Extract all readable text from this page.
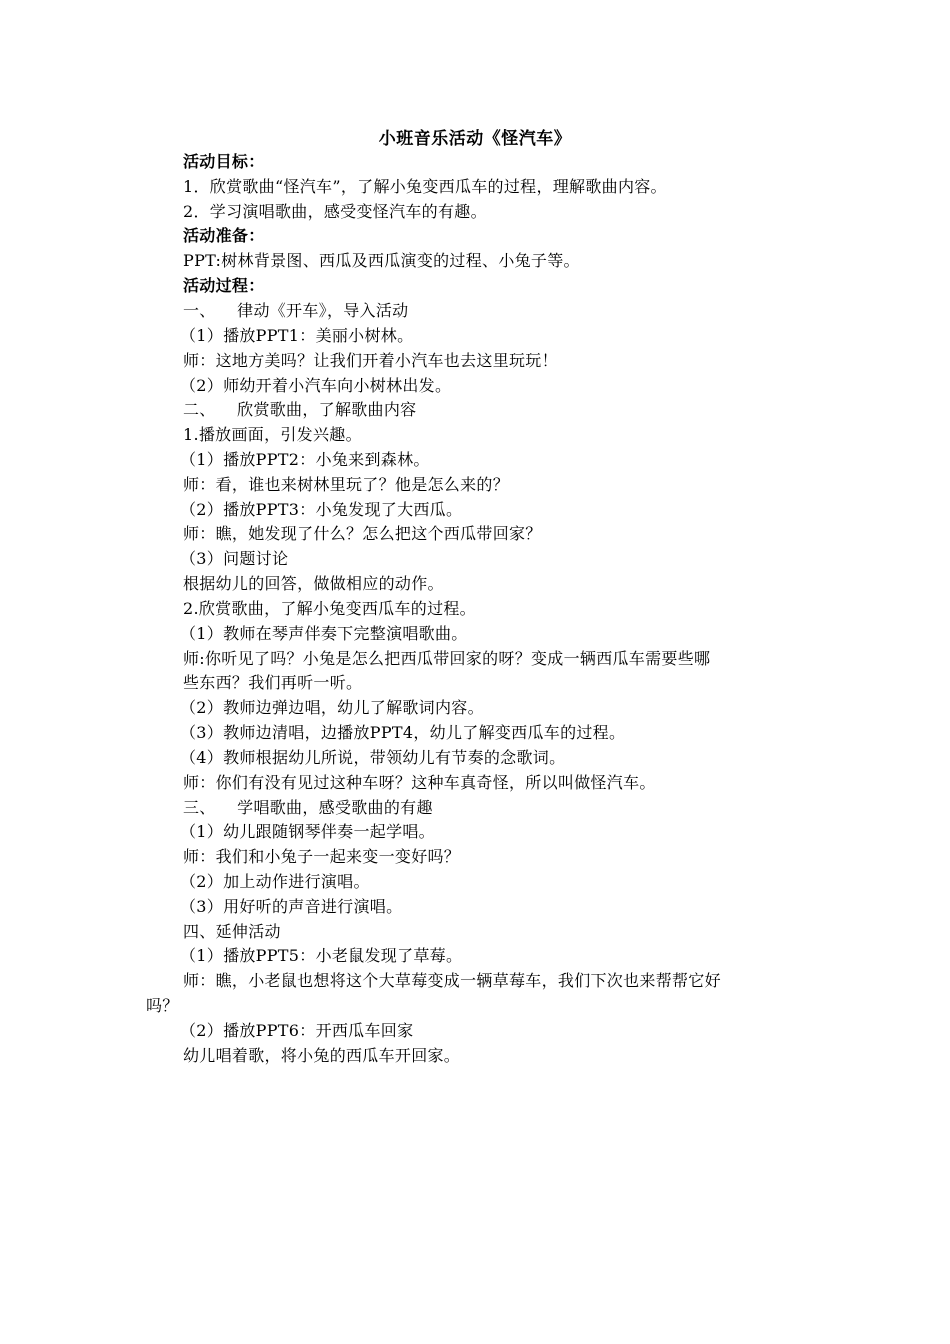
小班音乐活动《怪汽车》
活动目标：
1．欣赏歌曲“怪汽车”，了解小兔变西瓜车的过程，理解歌曲内容。
2．学习演唱歌曲，感受变怪汽车的有趣。
活动准备：
PPT:树林背景图、西瓜及西瓜演变的过程、小兔子等。
活动过程：
一、    律动《开车》，导入活动
（1）播放PPT1：美丽小树林。
师：这地方美吗？让我们开着小汽车也去这里玩玩！
（2）师幼开着小汽车向小树林出发。
二、    欣赏歌曲，了解歌曲内容
1.播放画面，引发兴趣。
（1）播放PPT2：小兔来到森林。
师：看，谁也来树林里玩了？他是怎么来的？
（2）播放PPT3：小兔发现了大西瓜。
师：瞧，她发现了什么？怎么把这个西瓜带回家？
（3）问题讨论
根据幼儿的回答，做做相应的动作。
2.欣赏歌曲，了解小兔变西瓜车的过程。
（1）教师在琴声伴奏下完整演唱歌曲。
师:你听见了吗？小兔是怎么把西瓜带回家的呀？变成一辆西瓜车需要些哪
些东西？我们再听一听。
（2）教师边弹边唱，幼儿了解歌词内容。
（3）教师边清唱，边播放PPT4，幼儿了解变西瓜车的过程。
（4）教师根据幼儿所说，带领幼儿有节奏的念歌词。
师：你们有没有见过这种车呀？这种车真奇怪，所以叫做怪汽车。
三、    学唱歌曲，感受歌曲的有趣
（1）幼儿跟随钢琴伴奏一起学唱。
师：我们和小兔子一起来变一变好吗？
（2）加上动作进行演唱。
（3）用好听的声音进行演唱。
四、延伸活动
（1）播放PPT5：小老鼠发现了草莓。
师：瞧，小老鼠也想将这个大草莓变成一辆草莓车，我们下次也来帮帮它好
吗？
（2）播放PPT6：开西瓜车回家
幼儿唱着歌，将小兔的西瓜车开回家。
